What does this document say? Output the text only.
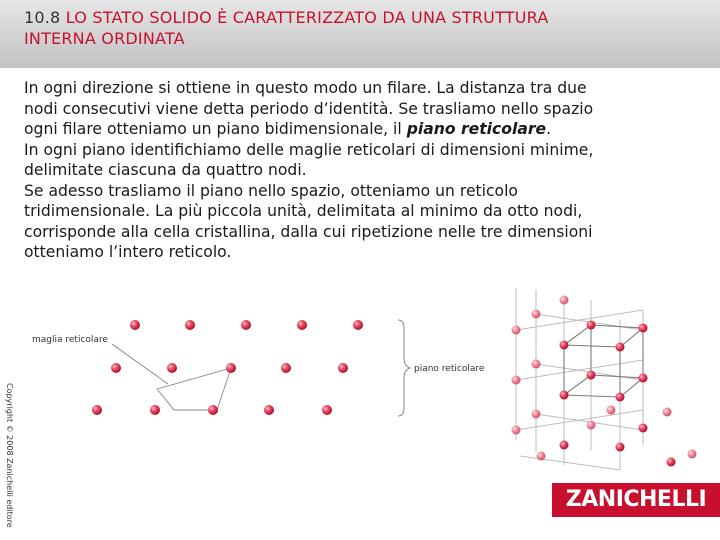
10.8 LO STATO SOLIDO È CARATTERIZZATO DA UNA STRUTTURA
INTERNA ORDINATA

In ogni direzione si ottiene in questo modo un filare. La distanza tra due
nodi consecutivi viene detta periodo d’identità. Se trasliamo nello spazio
ogni filare otteniamo un piano bidimensionale, il piano reticolare.

In ogni piano identifichiamo delle maglie reticolari di dimensioni minime,
delimitate ciascuna da quattro nodi.

Se adesso trasliamo il piano nello spazio, otteniamo un reticolo
tridimensionale. La più piccola unità, delimitata al minimo da otto nodi,
corrisponde alla cella cristallina, dalla cui ripetizione nelle tre dimensioni
otteniamo l’intero reticolo.

Copyright © 2008 Zanichelli editore
maglia reticolare
piano reticolare
ZANICHELLI
